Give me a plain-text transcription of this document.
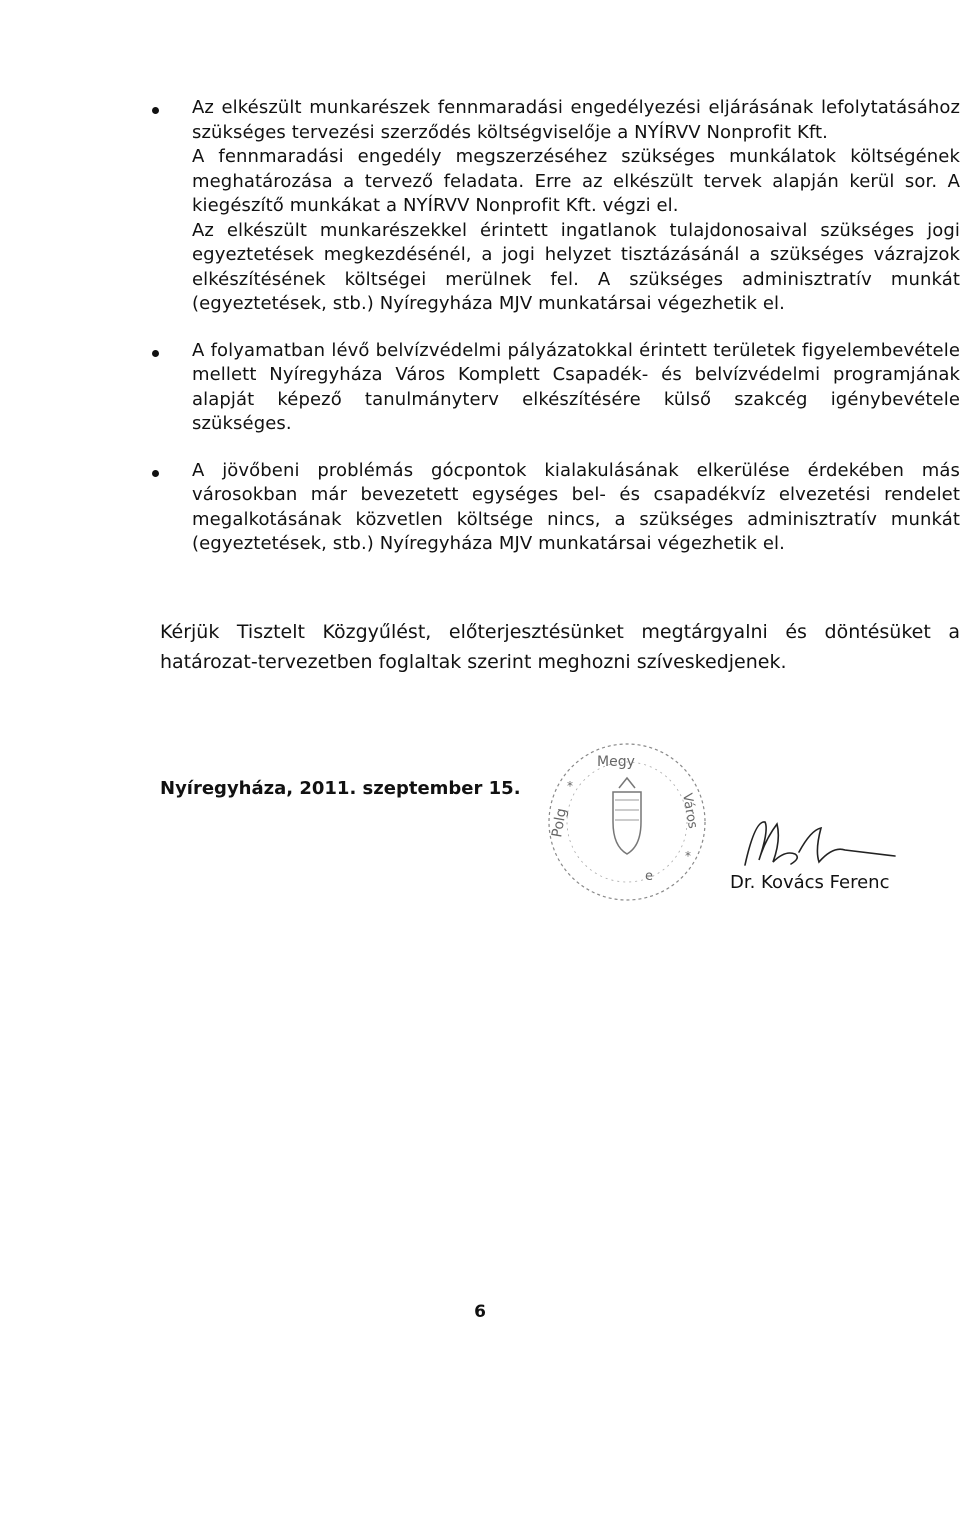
Az elkészült munkarészek fennmaradási engedélyezési eljárásának lefolytatásához szükséges tervezési szerződés költségviselője a NYÍRVV Nonprofit Kft.

A fennmaradási engedély megszerzéséhez szükséges munkálatok költségének meghatározása a tervező feladata. Erre az elkészült tervek alapján kerül sor. A kiegészítő munkákat a NYÍRVV Nonprofit Kft. végzi el.

Az elkészült munkarészekkel érintett ingatlanok tulajdonosaival szükséges jogi egyeztetések megkezdésénél, a jogi helyzet tisztázásánál a szükséges vázrajzok elkészítésének költségei merülnek fel. A szükséges adminisztratív munkát (egyeztetések, stb.) Nyíregyháza MJV munkatársai végezhetik el.

A folyamatban lévő belvízvédelmi pályázatokkal érintett területek figyelembevétele mellett Nyíregyháza Város Komplett Csapadék- és belvízvédelmi programjának alapját képező tanulmányterv elkészítésére külső szakcég igénybevétele szükséges.

A jövőbeni problémás gócpontok kialakulásának elkerülése érdekében más városokban már bevezetett egységes bel- és csapadékvíz elvezetési rendelet megalkotásának közvetlen költsége nincs, a szükséges adminisztratív munkát (egyeztetések, stb.) Nyíregyháza MJV munkatársai végezhetik el.

Kérjük Tisztelt Közgyűlést, előterjesztésünket megtárgyalni és döntésüket a határozat-tervezetben foglaltak szerint meghozni szíveskedjenek.

Nyíregyháza, 2011. szeptember 15.

Megy
Polg	Város
*
*
e	Dr. Kovács Ferenc

6
